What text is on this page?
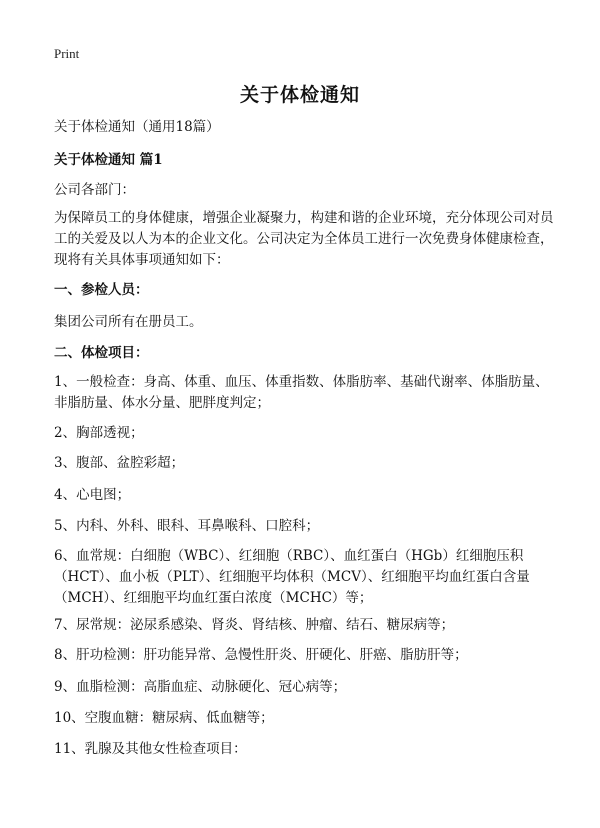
Print
关于体检通知

关于体检通知（通用18篇）

关于体检通知 篇1

公司各部门：

为保障员工的身体健康，增强企业凝聚力，构建和谐的企业环境，充分体现公司对员工的关爱及以人为本的企业文化。公司决定为全体员工进行一次免费身体健康检查，现将有关具体事项通知如下：

一、参检人员：

集团公司所有在册员工。

二、体检项目：

1、一般检查：身高、体重、血压、体重指数、体脂肪率、基础代谢率、体脂肪量、非脂肪量、体水分量、肥胖度判定；

2、胸部透视；

3、腹部、盆腔彩超；

4、心电图；

5、内科、外科、眼科、耳鼻喉科、口腔科；

6、血常规：白细胞（WBC）、红细胞（RBC）、血红蛋白（HGb）红细胞压积（HCT）、血小板（PLT）、红细胞平均体积（MCV）、红细胞平均血红蛋白含量（MCH）、红细胞平均血红蛋白浓度（MCHC）等；

7、尿常规：泌尿系感染、肾炎、肾结核、肿瘤、结石、糖尿病等；

8、肝功检测：肝功能异常、急慢性肝炎、肝硬化、肝癌、脂肪肝等；

9、血脂检测：高脂血症、动脉硬化、冠心病等；

10、空腹血糖：糖尿病、低血糖等；

11、乳腺及其他女性检查项目：
